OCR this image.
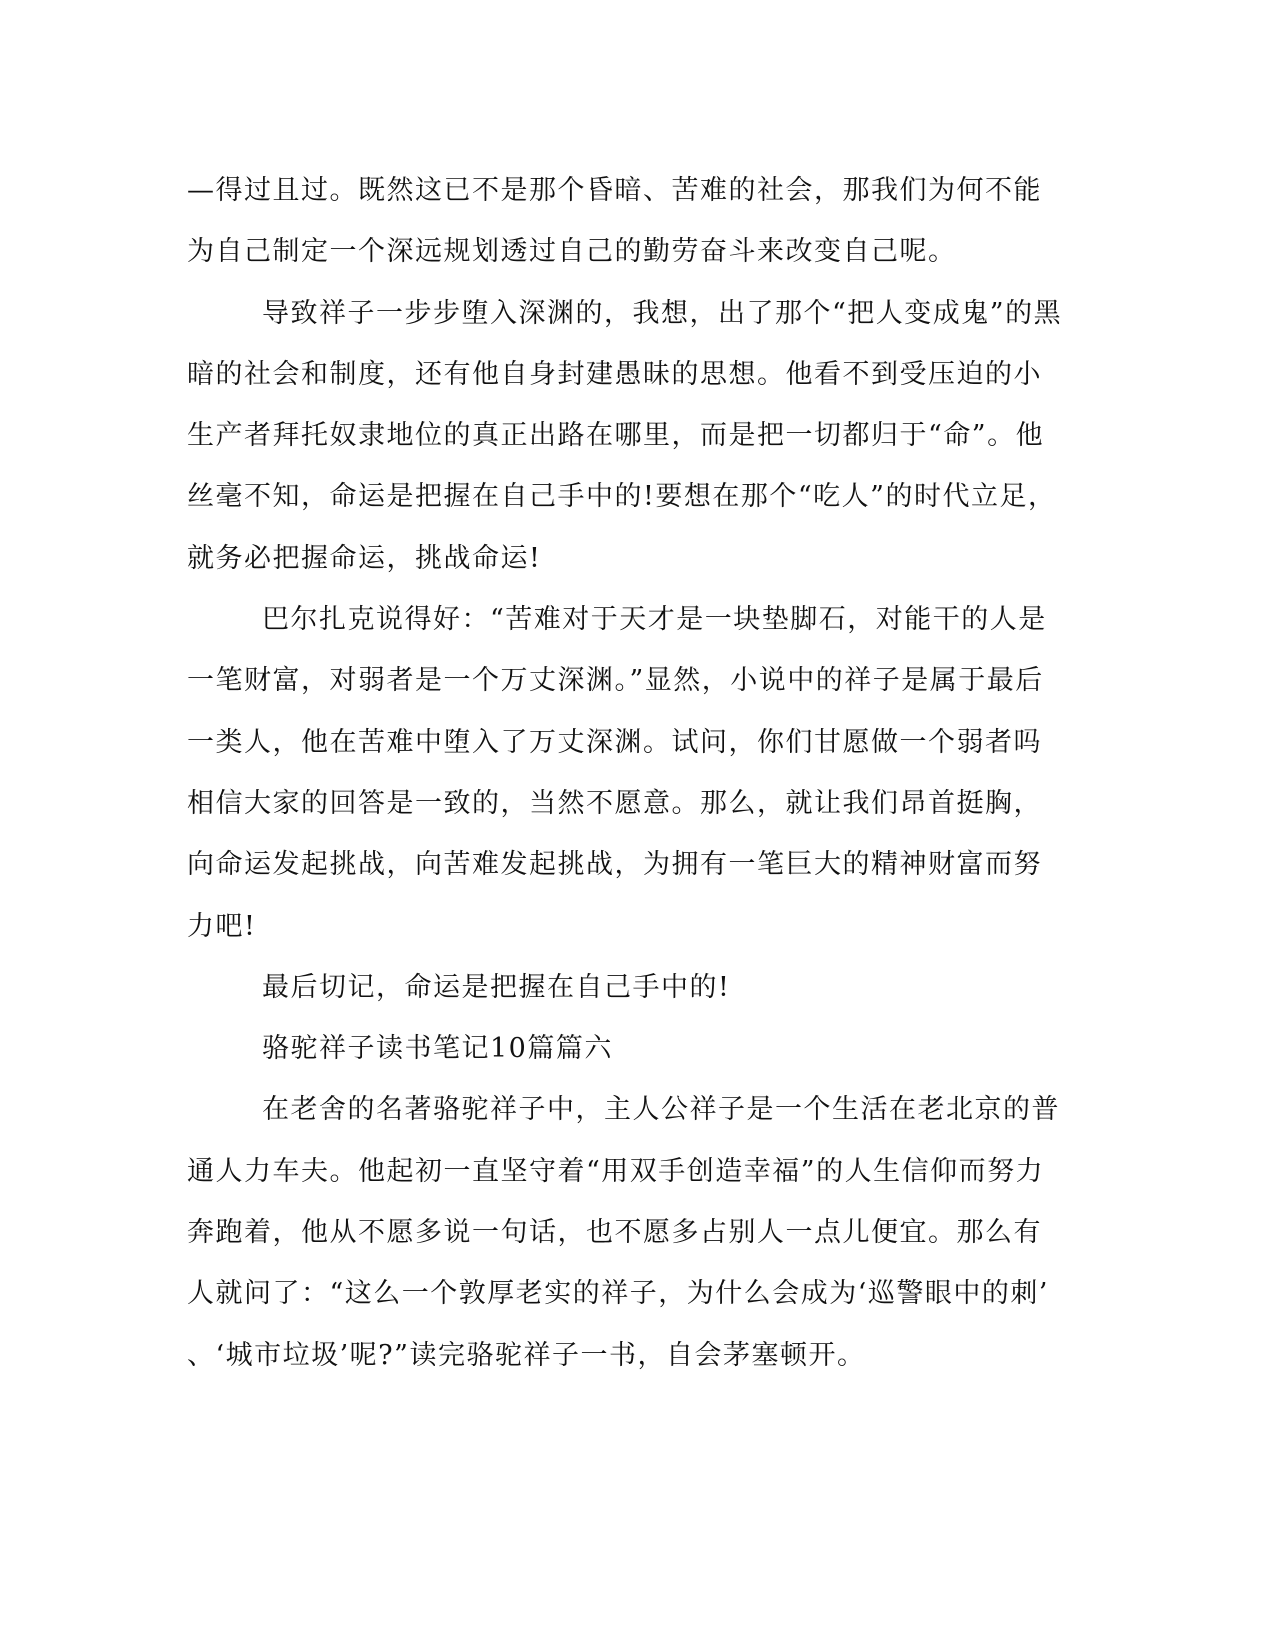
—得过且过。既然这已不是那个昏暗、苦难的社会，那我们为何不能
为自己制定一个深远规划透过自己的勤劳奋斗来改变自己呢。
导致祥子一步步堕入深渊的，我想，出了那个“把人变成鬼”的黑
暗的社会和制度，还有他自身封建愚昧的思想。他看不到受压迫的小
生产者拜托奴隶地位的真正出路在哪里，而是把一切都归于“命”。他
丝毫不知，命运是把握在自己手中的!要想在那个“吃人”的时代立足，
就务必把握命运，挑战命运!
巴尔扎克说得好：“苦难对于天才是一块垫脚石，对能干的人是
一笔财富，对弱者是一个万丈深渊。”显然，小说中的祥子是属于最后
一类人，他在苦难中堕入了万丈深渊。试问，你们甘愿做一个弱者吗
相信大家的回答是一致的，当然不愿意。那么，就让我们昂首挺胸，
向命运发起挑战，向苦难发起挑战，为拥有一笔巨大的精神财富而努
力吧!
最后切记，命运是把握在自己手中的!
骆驼祥子读书笔记10篇篇六
在老舍的名著骆驼祥子中，主人公祥子是一个生活在老北京的普
通人力车夫。他起初一直坚守着“用双手创造幸福”的人生信仰而努力
奔跑着，他从不愿多说一句话，也不愿多占别人一点儿便宜。那么有
人就问了：“这么一个敦厚老实的祥子，为什么会成为‘巡警眼中的刺’
、‘城市垃圾’呢?”读完骆驼祥子一书，自会茅塞顿开。
